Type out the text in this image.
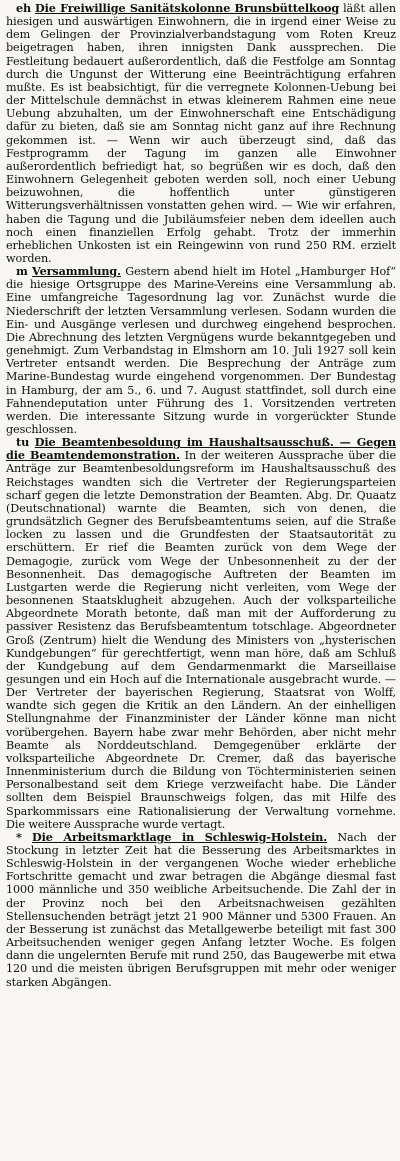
eh Die Freiwillige Sanitätskolonne Brunsbüttelkoog läßt allen hiesigen und auswärtigen Einwohnern, die in irgend einer Weise zu dem Gelingen der Provinzialverbandstagung vom Roten Kreuz beigetragen haben, ihren innigsten Dank aussprechen. Die Festleitung bedauert außerordentlich, daß die Festfolge am Sonntag durch die Ungunst der Witterung eine Beeinträchtigung erfahren mußte. Es ist beabsichtigt, für die verregnete Kolonnen-Uebung bei der Mittelschule demnächst in etwas kleinerem Rahmen eine neue Uebung abzuhalten, um der Einwohnerschaft eine Entschädigung dafür zu bieten, daß sie am Sonntag nicht ganz auf ihre Rechnung gekommen ist. — Wenn wir auch überzeugt sind, daß das Festprogramm der Tagung im ganzen alle Einwohner außerordentlich befriedigt hat, so begrüßen wir es doch, daß den Einwohnern Gelegenheit geboten werden soll, noch einer Uebung beizuwohnen, die hoffentlich unter günstigeren Witterungsverhältnissen vonstatten gehen wird. — Wie wir erfahren, haben die Tagung und die Jubiläumsfeier neben dem ideellen auch noch einen finanziellen Erfolg gehabt. Trotz der immerhin erheblichen Unkosten ist ein Reingewinn von rund 250 RM. erzielt worden.

m Versammlung. Gestern abend hielt im Hotel „Hamburger Hof“ die hiesige Ortsgruppe des Marine-Vereins eine Versammlung ab. Eine umfangreiche Tagesordnung lag vor. Zunächst wurde die Niederschrift der letzten Versammlung verlesen. Sodann wurden die Ein- und Ausgänge verlesen und durchweg eingehend besprochen. Die Abrechnung des letzten Vergnügens wurde bekanntgegeben und genehmigt. Zum Verbandstag in Elmshorn am 10. Juli 1927 soll kein Vertreter entsandt werden. Die Besprechung der Anträge zum Marine-Bundestag wurde eingehend vorgenommen. Der Bundestag in Hamburg, der am 5., 6. und 7. August stattfindet, soll durch eine Fahnendeputation unter Führung des 1. Vorsitzenden vertreten werden. Die interessante Sitzung wurde in vorgerückter Stunde geschlossen.

tu Die Beamtenbesoldung im Haushaltsausschuß. — Gegen die Beamtendemonstration. In der weiteren Aussprache über die Anträge zur Beamtenbesoldungsreform im Haushaltsausschuß des Reichstages wandten sich die Vertreter der Regierungsparteien scharf gegen die letzte Demonstration der Beamten. Abg. Dr. Quaatz (Deutschnational) warnte die Beamten, sich von denen, die grundsätzlich Gegner des Berufsbeamtentums seien, auf die Straße locken zu lassen und die Grundfesten der Staatsautorität zu erschüttern. Er rief die Beamten zurück von dem Wege der Demagogie, zurück vom Wege der Unbesonnenheit zu der der Besonnenheit. Das demagogische Auftreten der Beamten im Lustgarten werde die Regierung nicht verleiten, vom Wege der besonnenen Staatsklugheit abzugehen. Auch der volksparteiliche Abgeordnete Morath betonte, daß man mit der Aufforderung zu passiver Resistenz das Berufsbeamtentum totschlage. Abgeordneter Groß (Zentrum) hielt die Wendung des Ministers von „hysterischen Kundgebungen“ für gerechtfertigt, wenn man höre, daß am Schluß der Kundgebung auf dem Gendarmenmarkt die Marseillaise gesungen und ein Hoch auf die Internationale ausgebracht wurde. — Der Vertreter der bayerischen Regierung, Staatsrat von Wolff, wandte sich gegen die Kritik an den Ländern. An der einhelligen Stellungnahme der Finanzminister der Länder könne man nicht vorübergehen. Bayern habe zwar mehr Behörden, aber nicht mehr Beamte als Norddeutschland. Demgegenüber erklärte der volksparteiliche Abgeordnete Dr. Cremer, daß das bayerische Innenministerium durch die Bildung von Töchterministerien seinen Personalbestand seit dem Kriege verzweifacht habe. Die Länder sollten dem Beispiel Braunschweigs folgen, das mit Hilfe des Sparkommissars eine Rationalisierung der Verwaltung vornehme. Die weitere Aussprache wurde vertagt.

* Die Arbeitsmarktlage in Schleswig-Holstein. Nach der Stockung in letzter Zeit hat die Besserung des Arbeitsmarktes in Schleswig-Holstein in der vergangenen Woche wieder erhebliche Fortschritte gemacht und zwar betragen die Abgänge diesmal fast 1000 männliche und 350 weibliche Arbeitsuchende. Die Zahl der in der Provinz noch bei den Arbeitsnachweisen gezählten Stellensuchenden beträgt jetzt 21 900 Männer und 5300 Frauen. An der Besserung ist zunächst das Metallgewerbe beteiligt mit fast 300 Arbeitsuchenden weniger gegen Anfang letzter Woche. Es folgen dann die ungelernten Berufe mit rund 250, das Baugewerbe mit etwa 120 und die meisten übrigen Berufsgruppen mit mehr oder weniger starken Abgängen.
